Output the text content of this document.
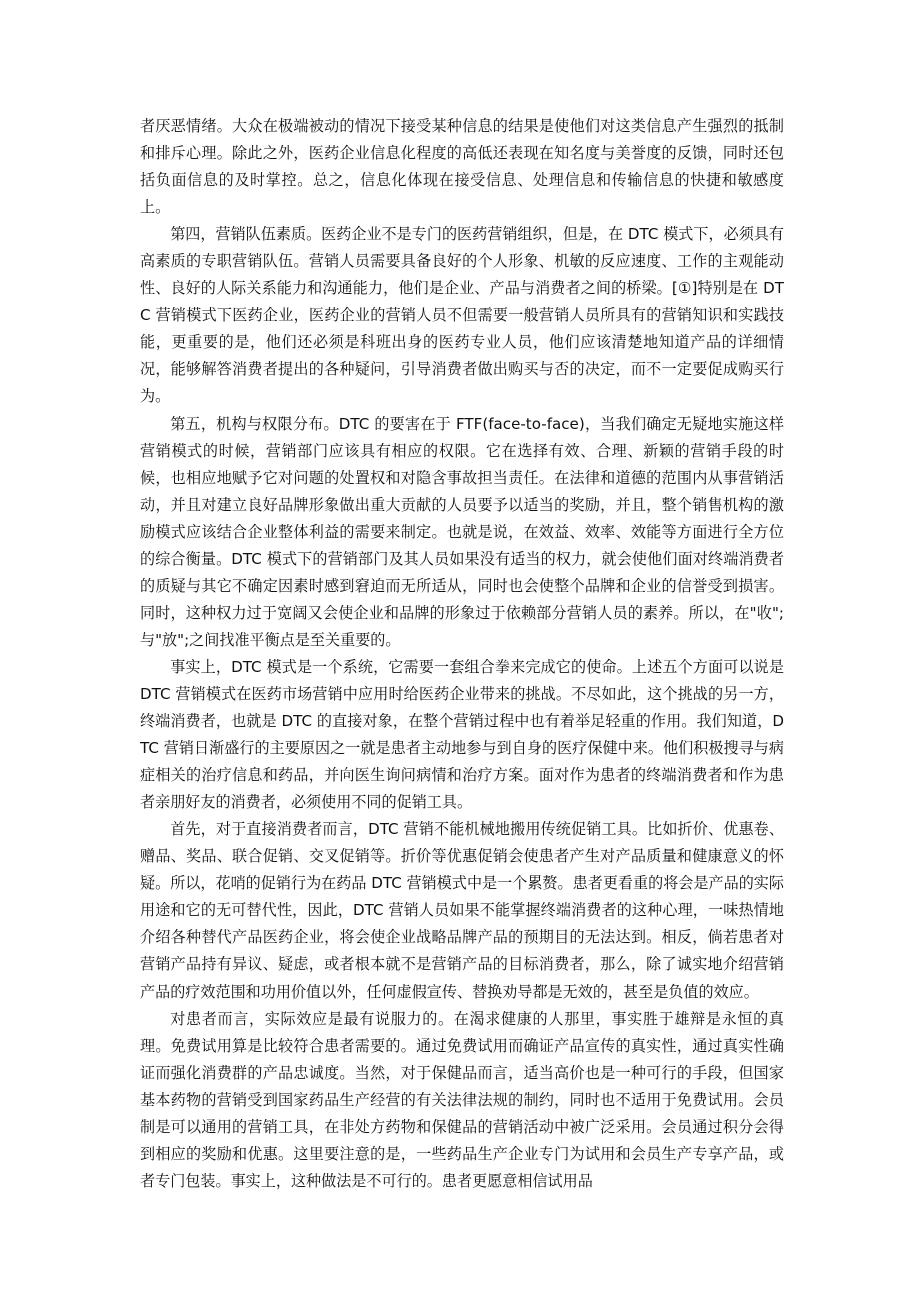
者厌恶情绪。大众在极端被动的情况下接受某种信息的结果是使他们对这类信息产生强烈的抵制和排斥心理。除此之外，医药企业信息化程度的高低还表现在知名度与美誉度的反馈，同时还包括负面信息的及时掌控。总之，信息化体现在接受信息、处理信息和传输信息的快捷和敏感度上。

第四，营销队伍素质。医药企业不是专门的医药营销组织，但是，在 DTC 模式下，必须具有高素质的专职营销队伍。营销人员需要具备良好的个人形象、机敏的反应速度、工作的主观能动性、良好的人际关系能力和沟通能力，他们是企业、产品与消费者之间的桥梁。[①]特别是在 DTC 营销模式下医药企业，医药企业的营销人员不但需要一般营销人员所具有的营销知识和实践技能，更重要的是，他们还必须是科班出身的医药专业人员，他们应该清楚地知道产品的详细情况，能够解答消费者提出的各种疑问，引导消费者做出购买与否的决定，而不一定要促成购买行为。

第五，机构与权限分布。DTC 的要害在于 FTF(face-to-face)，当我们确定无疑地实施这样营销模式的时候，营销部门应该具有相应的权限。它在选择有效、合理、新颖的营销手段的时候，也相应地赋予它对问题的处置权和对隐含事故担当责任。在法律和道德的范围内从事营销活动，并且对建立良好品牌形象做出重大贡献的人员要予以适当的奖励，并且，整个销售机构的激励模式应该结合企业整体利益的需要来制定。也就是说，在效益、效率、效能等方面进行全方位的综合衡量。DTC 模式下的营销部门及其人员如果没有适当的权力，就会使他们面对终端消费者的质疑与其它不确定因素时感到窘迫而无所适从，同时也会使整个品牌和企业的信誉受到损害。同时，这种权力过于宽阔又会使企业和品牌的形象过于依赖部分营销人员的素养。所以，在"收";与"放";之间找准平衡点是至关重要的。

事实上，DTC 模式是一个系统，它需要一套组合拳来完成它的使命。上述五个方面可以说是 DTC 营销模式在医药市场营销中应用时给医药企业带来的挑战。不尽如此，这个挑战的另一方，终端消费者，也就是 DTC 的直接对象，在整个营销过程中也有着举足轻重的作用。我们知道，DTC 营销日渐盛行的主要原因之一就是患者主动地参与到自身的医疗保健中来。他们积极搜寻与病症相关的治疗信息和药品，并向医生询问病情和治疗方案。面对作为患者的终端消费者和作为患者亲朋好友的消费者，必须使用不同的促销工具。

首先，对于直接消费者而言，DTC 营销不能机械地搬用传统促销工具。比如折价、优惠卷、赠品、奖品、联合促销、交叉促销等。折价等优惠促销会使患者产生对产品质量和健康意义的怀疑。所以，花哨的促销行为在药品 DTC 营销模式中是一个累赘。患者更看重的将会是产品的实际用途和它的无可替代性，因此，DTC 营销人员如果不能掌握终端消费者的这种心理，一味热情地介绍各种替代产品医药企业，将会使企业战略品牌产品的预期目的无法达到。相反，倘若患者对营销产品持有异议、疑虑，或者根本就不是营销产品的目标消费者，那么，除了诚实地介绍营销产品的疗效范围和功用价值以外，任何虚假宣传、替换劝导都是无效的，甚至是负值的效应。

对患者而言，实际效应是最有说服力的。在渴求健康的人那里，事实胜于雄辩是永恒的真理。免费试用算是比较符合患者需要的。通过免费试用而确证产品宣传的真实性，通过真实性确证而强化消费群的产品忠诚度。当然，对于保健品而言，适当高价也是一种可行的手段，但国家基本药物的营销受到国家药品生产经营的有关法律法规的制约，同时也不适用于免费试用。会员制是可以通用的营销工具，在非处方药物和保健品的营销活动中被广泛采用。会员通过积分会得到相应的奖励和优惠。这里要注意的是，一些药品生产企业专门为试用和会员生产专享产品，或者专门包装。事实上，这种做法是不可行的。患者更愿意相信试用品
